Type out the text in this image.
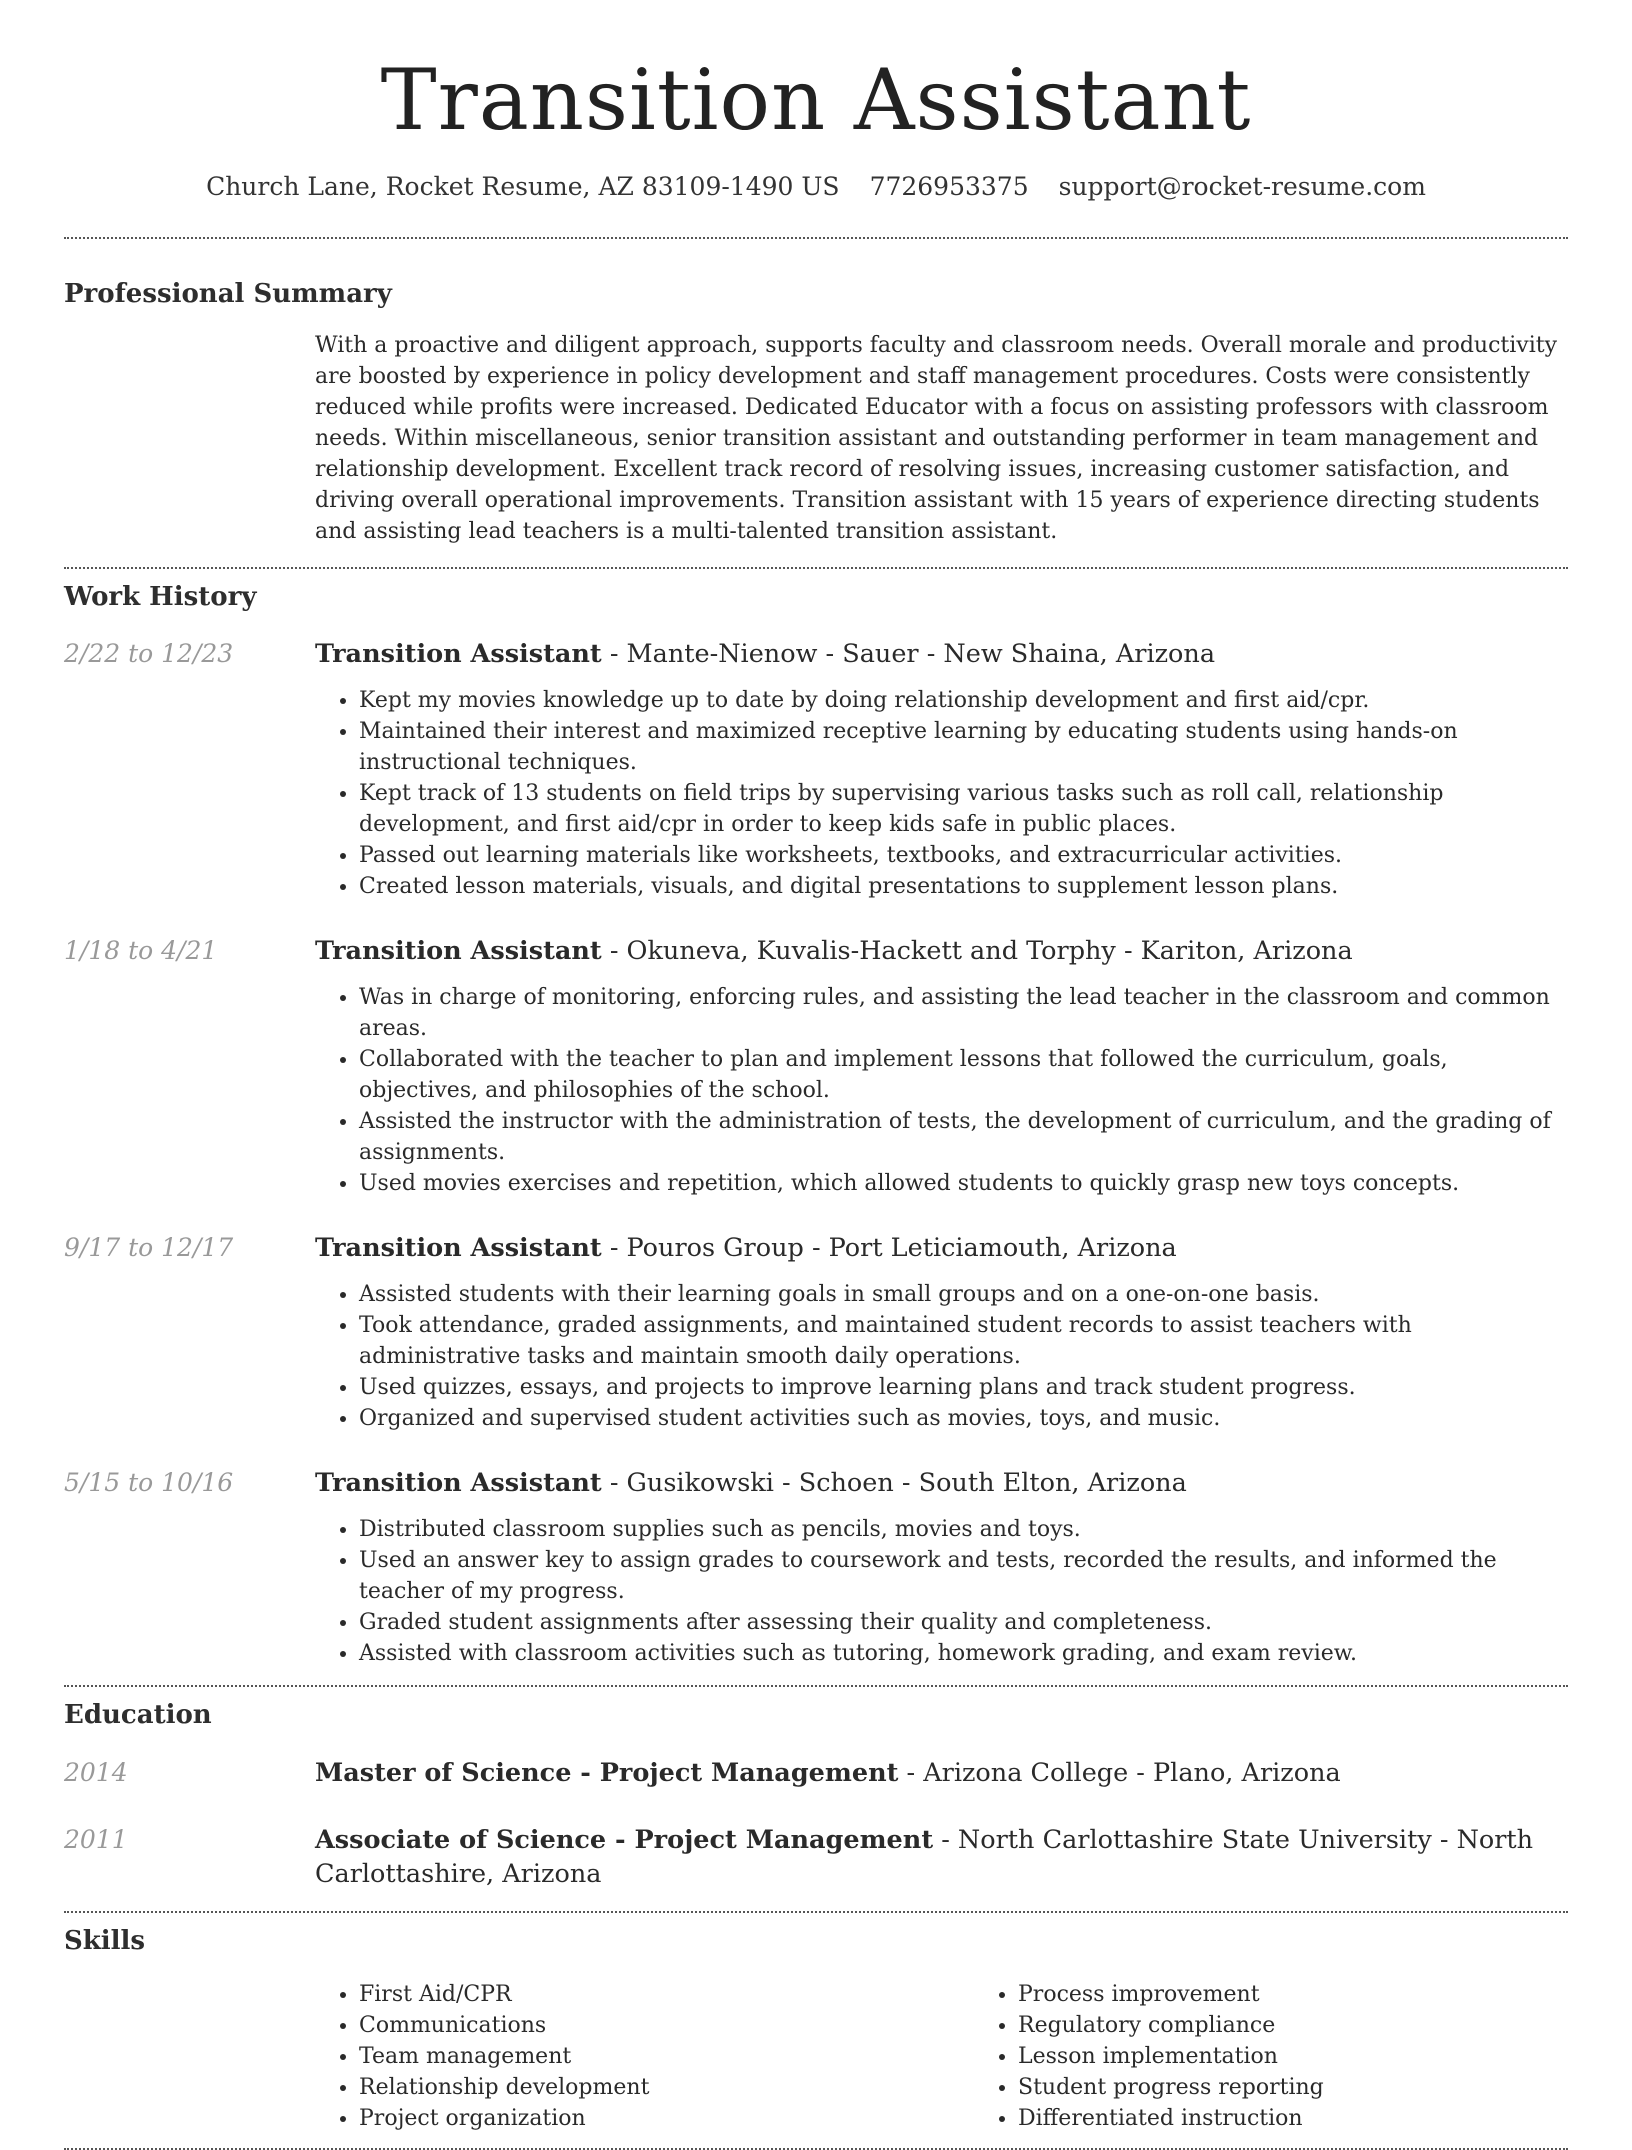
Transition Assistant
Church Lane, Rocket Resume, AZ 83109-1490 US 7726953375 support@rocket-resume.com
Professional Summary
With a proactive and diligent approach, supports faculty and classroom needs. Overall morale and productivity are boosted by experience in policy development and staff management procedures. Costs were consistently reduced while profits were increased. Dedicated Educator with a focus on assisting professors with classroom needs. Within miscellaneous, senior transition assistant and outstanding performer in team management and relationship development. Excellent track record of resolving issues, increasing customer satisfaction, and driving overall operational improvements. Transition assistant with 15 years of experience directing students and assisting lead teachers is a multi-talented transition assistant.
Work History
2/22 to 12/23	Transition Assistant - Mante-Nienow - Sauer - New Shaina, Arizona
• Kept my movies knowledge up to date by doing relationship development and first aid/cpr.
• Maintained their interest and maximized receptive learning by educating students using hands-on instructional techniques.
• Kept track of 13 students on field trips by supervising various tasks such as roll call, relationship development, and first aid/cpr in order to keep kids safe in public places.
• Passed out learning materials like worksheets, textbooks, and extracurricular activities.
• Created lesson materials, visuals, and digital presentations to supplement lesson plans.
1/18 to 4/21	Transition Assistant - Okuneva, Kuvalis-Hackett and Torphy - Kariton, Arizona
• Was in charge of monitoring, enforcing rules, and assisting the lead teacher in the classroom and common areas.
• Collaborated with the teacher to plan and implement lessons that followed the curriculum, goals, objectives, and philosophies of the school.
• Assisted the instructor with the administration of tests, the development of curriculum, and the grading of assignments.
• Used movies exercises and repetition, which allowed students to quickly grasp new toys concepts.
9/17 to 12/17	Transition Assistant - Pouros Group - Port Leticiamouth, Arizona
• Assisted students with their learning goals in small groups and on a one-on-one basis.
• Took attendance, graded assignments, and maintained student records to assist teachers with administrative tasks and maintain smooth daily operations.
• Used quizzes, essays, and projects to improve learning plans and track student progress.
• Organized and supervised student activities such as movies, toys, and music.
5/15 to 10/16	Transition Assistant - Gusikowski - Schoen - South Elton, Arizona
• Distributed classroom supplies such as pencils, movies and toys.
• Used an answer key to assign grades to coursework and tests, recorded the results, and informed the teacher of my progress.
• Graded student assignments after assessing their quality and completeness.
• Assisted with classroom activities such as tutoring, homework grading, and exam review.
Education
2014	Master of Science - Project Management - Arizona College - Plano, Arizona
2011	Associate of Science - Project Management - North Carlottashire State University - North Carlottashire, Arizona
Skills
• First Aid/CPR
• Communications
• Team management
• Relationship development
• Project organization
• Process improvement
• Regulatory compliance
• Lesson implementation
• Student progress reporting
• Differentiated instruction
